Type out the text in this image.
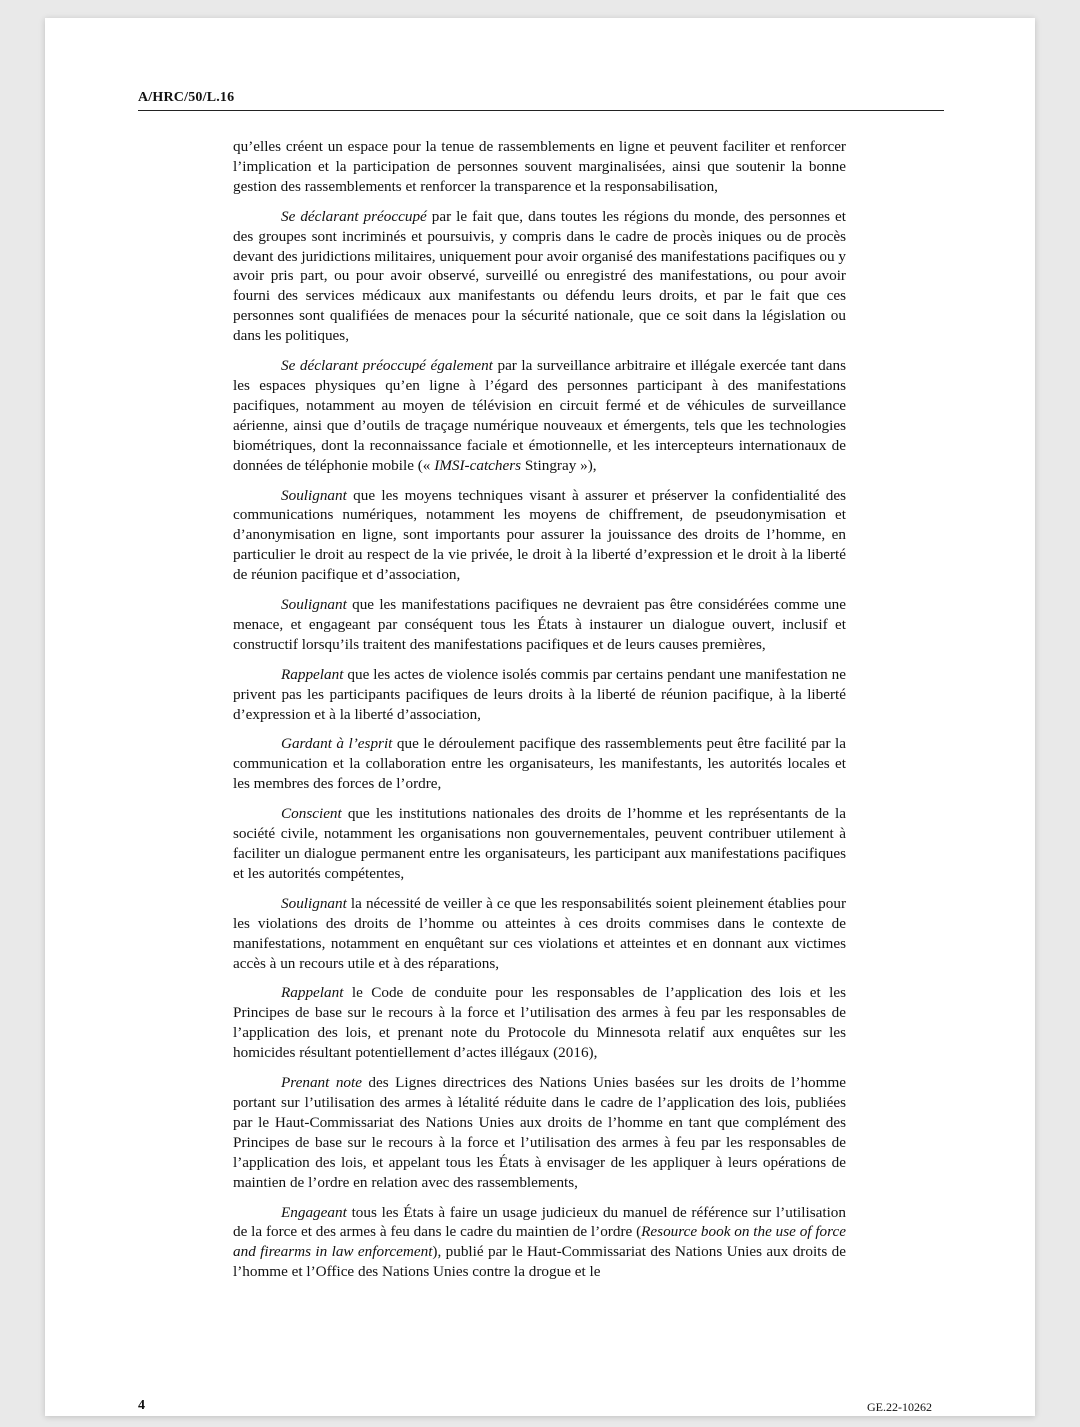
A/HRC/50/L.16

qu’elles créent un espace pour la tenue de rassemblements en ligne et peuvent faciliter et renforcer l’implication et la participation de personnes souvent marginalisées, ainsi que soutenir la bonne gestion des rassemblements et renforcer la transparence et la responsabilisation,

Se déclarant préoccupé par le fait que, dans toutes les régions du monde, des personnes et des groupes sont incriminés et poursuivis, y compris dans le cadre de procès iniques ou de procès devant des juridictions militaires, uniquement pour avoir organisé des manifestations pacifiques ou y avoir pris part, ou pour avoir observé, surveillé ou enregistré des manifestations, ou pour avoir fourni des services médicaux aux manifestants ou défendu leurs droits, et par le fait que ces personnes sont qualifiées de menaces pour la sécurité nationale, que ce soit dans la législation ou dans les politiques,

Se déclarant préoccupé également par la surveillance arbitraire et illégale exercée tant dans les espaces physiques qu’en ligne à l’égard des personnes participant à des manifestations pacifiques, notamment au moyen de télévision en circuit fermé et de véhicules de surveillance aérienne, ainsi que d’outils de traçage numérique nouveaux et émergents, tels que les technologies biométriques, dont la reconnaissance faciale et émotionnelle, et les intercepteurs internationaux de données de téléphonie mobile (« IMSI-catchers Stingray »),

Soulignant que les moyens techniques visant à assurer et préserver la confidentialité des communications numériques, notamment les moyens de chiffrement, de pseudonymisation et d’anonymisation en ligne, sont importants pour assurer la jouissance des droits de l’homme, en particulier le droit au respect de la vie privée, le droit à la liberté d’expression et le droit à la liberté de réunion pacifique et d’association,

Soulignant que les manifestations pacifiques ne devraient pas être considérées comme une menace, et engageant par conséquent tous les États à instaurer un dialogue ouvert, inclusif et constructif lorsqu’ils traitent des manifestations pacifiques et de leurs causes premières,

Rappelant que les actes de violence isolés commis par certains pendant une manifestation ne privent pas les participants pacifiques de leurs droits à la liberté de réunion pacifique, à la liberté d’expression et à la liberté d’association,

Gardant à l’esprit que le déroulement pacifique des rassemblements peut être facilité par la communication et la collaboration entre les organisateurs, les manifestants, les autorités locales et les membres des forces de l’ordre,

Conscient que les institutions nationales des droits de l’homme et les représentants de la société civile, notamment les organisations non gouvernementales, peuvent contribuer utilement à faciliter un dialogue permanent entre les organisateurs, les participant aux manifestations pacifiques et les autorités compétentes,

Soulignant la nécessité de veiller à ce que les responsabilités soient pleinement établies pour les violations des droits de l’homme ou atteintes à ces droits commises dans le contexte de manifestations, notamment en enquêtant sur ces violations et atteintes et en donnant aux victimes accès à un recours utile et à des réparations,

Rappelant le Code de conduite pour les responsables de l’application des lois et les Principes de base sur le recours à la force et l’utilisation des armes à feu par les responsables de l’application des lois, et prenant note du Protocole du Minnesota relatif aux enquêtes sur les homicides résultant potentiellement d’actes illégaux (2016),

Prenant note des Lignes directrices des Nations Unies basées sur les droits de l’homme portant sur l’utilisation des armes à létalité réduite dans le cadre de l’application des lois, publiées par le Haut-Commissariat des Nations Unies aux droits de l’homme en tant que complément des Principes de base sur le recours à la force et l’utilisation des armes à feu par les responsables de l’application des lois, et appelant tous les États à envisager de les appliquer à leurs opérations de maintien de l’ordre en relation avec des rassemblements,

Engageant tous les États à faire un usage judicieux du manuel de référence sur l’utilisation de la force et des armes à feu dans le cadre du maintien de l’ordre (Resource book on the use of force and firearms in law enforcement), publié par le Haut-Commissariat des Nations Unies aux droits de l’homme et l’Office des Nations Unies contre la drogue et le

4	GE.22-10262
